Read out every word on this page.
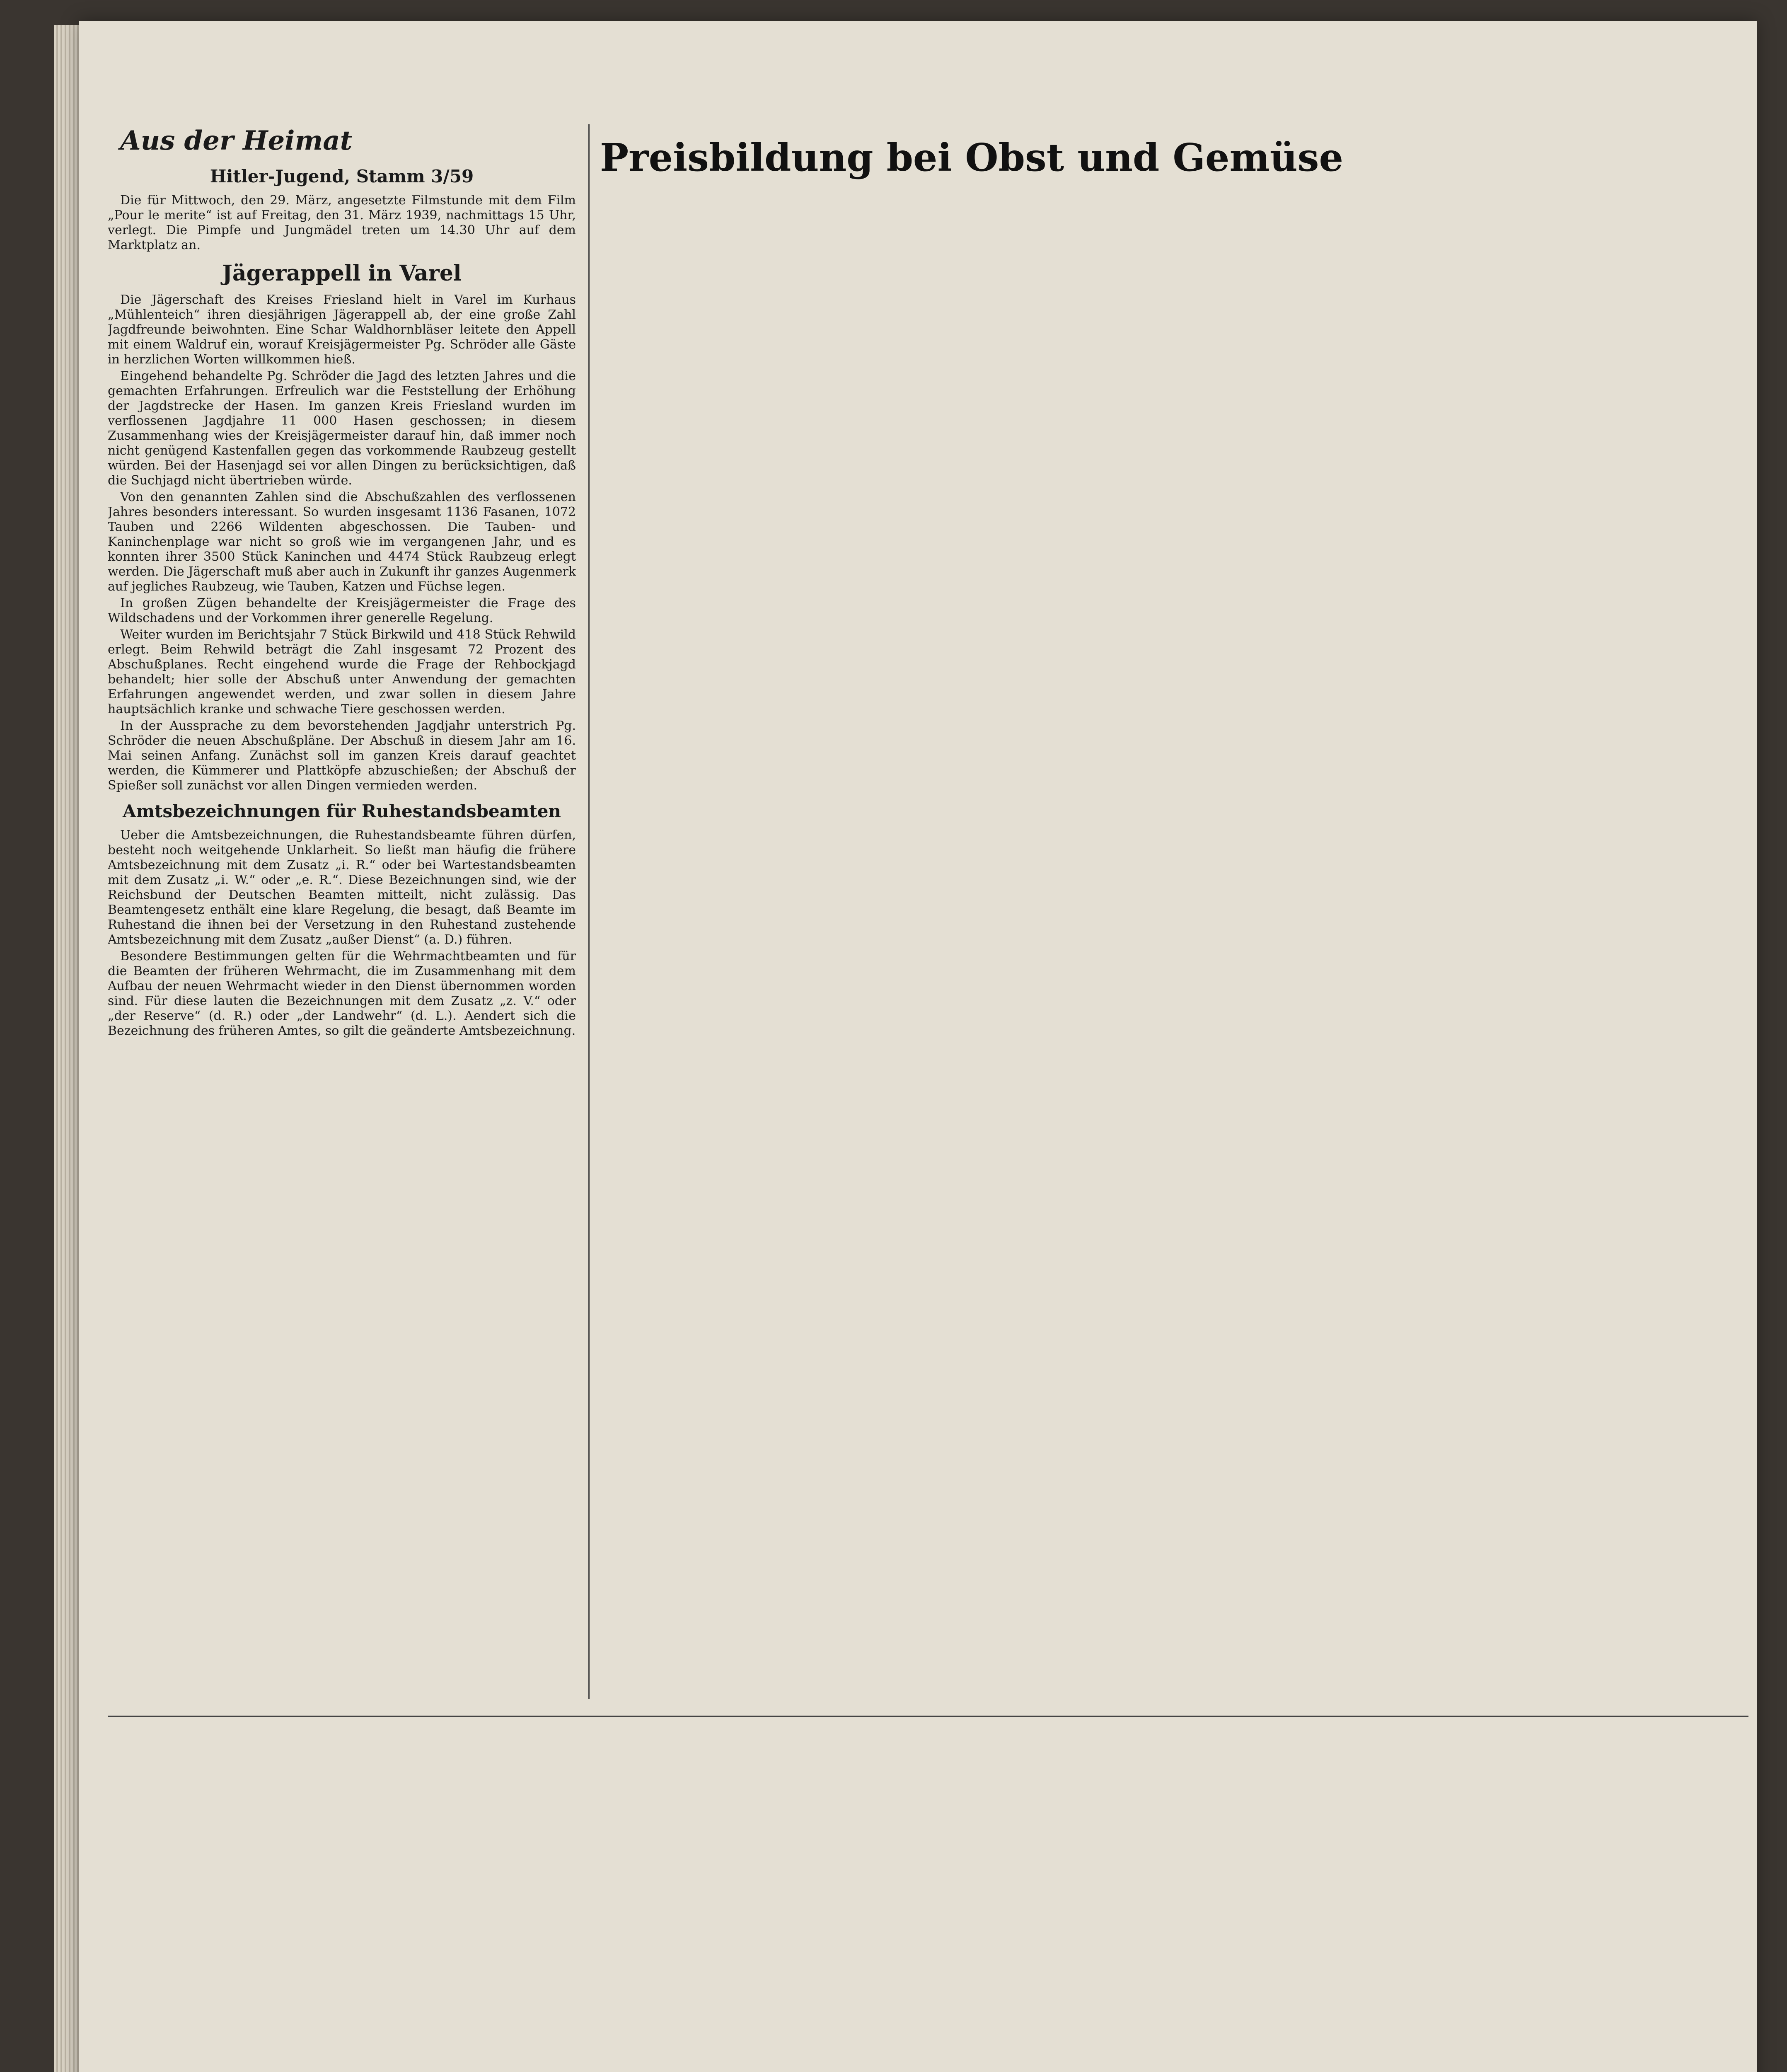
Preisbildung bei Obst und Gemüse
Aus der Heimat
Hitler-Jugend, Stamm 3/59

Die für Mittwoch, den 29. März, angesetzte Filmstunde mit dem Film „Pour le merite“ ist auf Freitag, den 31. März 1939, nachmittags 15 Uhr, verlegt. Die Pimpfe und Jungmädel treten um 14.30 Uhr auf dem Marktplatz an.

Jägerappell in Varel

Die Jägerschaft des Kreises Friesland hielt in Varel im Kurhaus „Mühlenteich“ ihren diesjährigen Jägerappell ab, der eine große Zahl Jagdfreunde beiwohnten. Eine Schar Waldhornbläser leitete den Appell mit einem Waldruf ein, worauf Kreisjägermeister Pg. Schröder alle Gäste in herzlichen Worten willkommen hieß.

Eingehend behandelte Pg. Schröder die Jagd des letzten Jahres und die gemachten Erfahrungen. Erfreulich war die Feststellung der Erhöhung der Jagdstrecke der Hasen. Im ganzen Kreis Friesland wurden im verflossenen Jagdjahre 11 000 Hasen geschossen; in diesem Zusammenhang wies der Kreisjägermeister darauf hin, daß immer noch nicht genügend Kastenfallen gegen das vorkommende Raubzeug gestellt würden. Bei der Hasenjagd sei vor allen Dingen zu berücksichtigen, daß die Suchjagd nicht übertrieben würde.

Von den genannten Zahlen sind die Abschußzahlen des verflossenen Jahres besonders interessant. So wurden insgesamt 1136 Fasanen, 1072 Tauben und 2266 Wildenten abgeschossen. Die Tauben- und Kaninchenplage war nicht so groß wie im vergangenen Jahr, und es konnten ihrer 3500 Stück Kaninchen und 4474 Stück Raubzeug erlegt werden. Die Jägerschaft muß aber auch in Zukunft ihr ganzes Augenmerk auf jegliches Raubzeug, wie Tauben, Katzen und Füchse legen.

In großen Zügen behandelte der Kreisjägermeister die Frage des Wildschadens und der Vorkommen ihrer generelle Regelung.

Weiter wurden im Berichtsjahr 7 Stück Birkwild und 418 Stück Rehwild erlegt. Beim Rehwild beträgt die Zahl insgesamt 72 Prozent des Abschußplanes. Recht eingehend wurde die Frage der Rehbockjagd behandelt; hier solle der Abschuß unter Anwendung der gemachten Erfahrungen angewendet werden, und zwar sollen in diesem Jahre hauptsächlich kranke und schwache Tiere geschossen werden.

In der Aussprache zu dem bevorstehenden Jagdjahr unterstrich Pg. Schröder die neuen Abschußpläne. Der Abschuß in diesem Jahr am 16. Mai seinen Anfang. Zunächst soll im ganzen Kreis darauf geachtet werden, die Kümmerer und Plattköpfe abzuschießen; der Abschuß der Spießer soll zunächst vor allen Dingen vermieden werden.

Amtsbezeichnungen für Ruhestandsbeamten

Ueber die Amtsbezeichnungen, die Ruhestandsbeamte führen dürfen, besteht noch weitgehende Unklarheit. So ließt man häufig die frühere Amtsbezeichnung mit dem Zusatz „i. R.“ oder bei Wartestandsbeamten mit dem Zusatz „i. W.“ oder „e. R.“. Diese Bezeichnungen sind, wie der Reichsbund der Deutschen Beamten mitteilt, nicht zulässig. Das Beamtengesetz enthält eine klare Regelung, die besagt, daß Beamte im Ruhestand die ihnen bei der Versetzung in den Ruhestand zustehende Amtsbezeichnung mit dem Zusatz „außer Dienst“ (a. D.) führen.

Besondere Bestimmungen gelten für die Wehrmachtbeamten und für die Beamten der früheren Wehrmacht, die im Zusammenhang mit dem Aufbau der neuen Wehrmacht wieder in den Dienst übernommen worden sind. Für diese lauten die Bezeichnungen mit dem Zusatz „z. V.“ oder „der Reserve“ (d. R.) oder „der Landwehr“ (d. L.). Aendert sich die Bezeichnung des früheren Amtes, so gilt die geänderte Amtsbezeichnung.
